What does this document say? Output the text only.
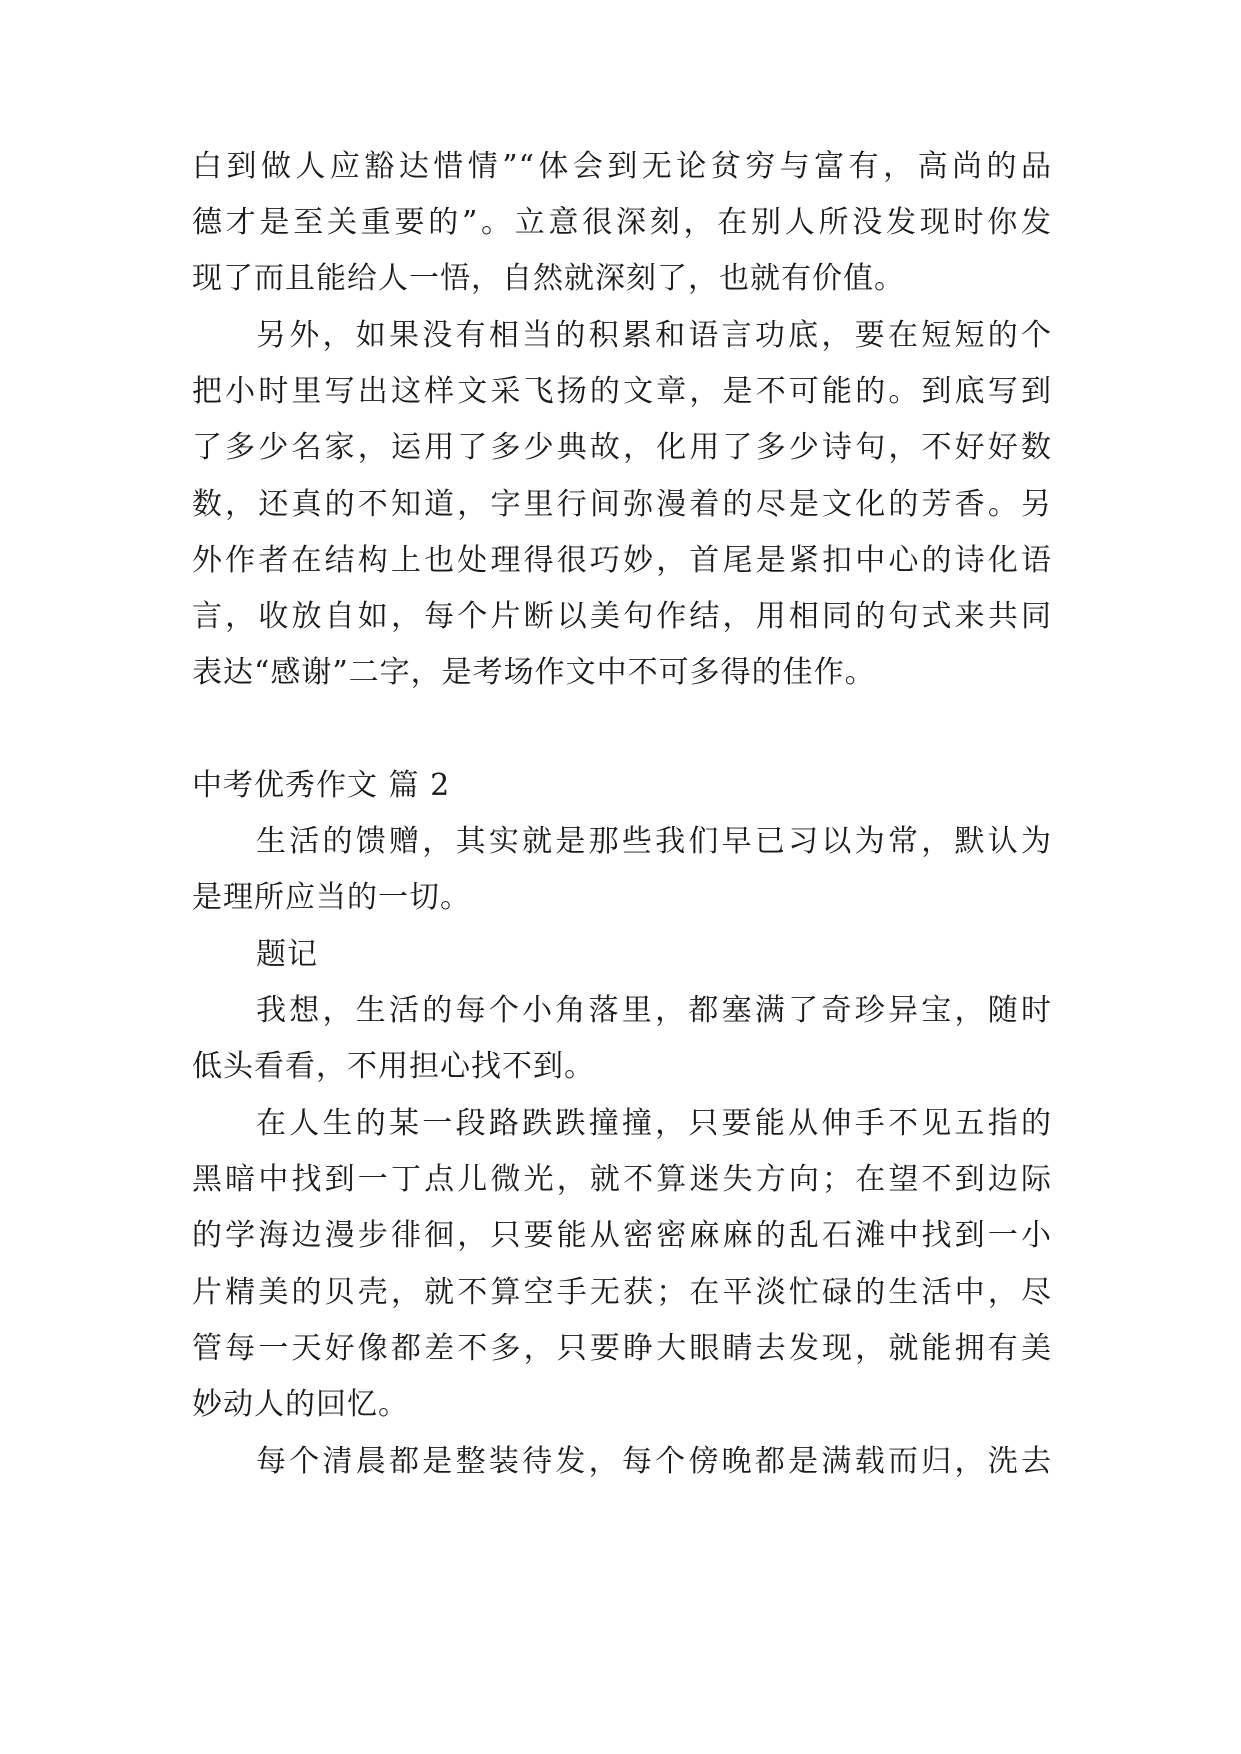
白到做人应豁达惜情”“体会到无论贫穷与富有，高尚的品
德才是至关重要的”。立意很深刻，在别人所没发现时你发
现了而且能给人一悟，自然就深刻了，也就有价值。
另外，如果没有相当的积累和语言功底，要在短短的个
把小时里写出这样文采飞扬的文章，是不可能的。到底写到
了多少名家，运用了多少典故，化用了多少诗句，不好好数
数，还真的不知道，字里行间弥漫着的尽是文化的芳香。另
外作者在结构上也处理得很巧妙，首尾是紧扣中心的诗化语
言，收放自如，每个片断以美句作结，用相同的句式来共同
表达“感谢”二字，是考场作文中不可多得的佳作。
中考优秀作文 篇 2
生活的馈赠，其实就是那些我们早已习以为常，默认为
是理所应当的一切。
题记
我想，生活的每个小角落里，都塞满了奇珍异宝，随时
低头看看，不用担心找不到。
在人生的某一段路跌跌撞撞，只要能从伸手不见五指的
黑暗中找到一丁点儿微光，就不算迷失方向；在望不到边际
的学海边漫步徘徊，只要能从密密麻麻的乱石滩中找到一小
片精美的贝壳，就不算空手无获；在平淡忙碌的生活中，尽
管每一天好像都差不多，只要睁大眼睛去发现，就能拥有美
妙动人的回忆。
每个清晨都是整装待发，每个傍晚都是满载而归，洗去
